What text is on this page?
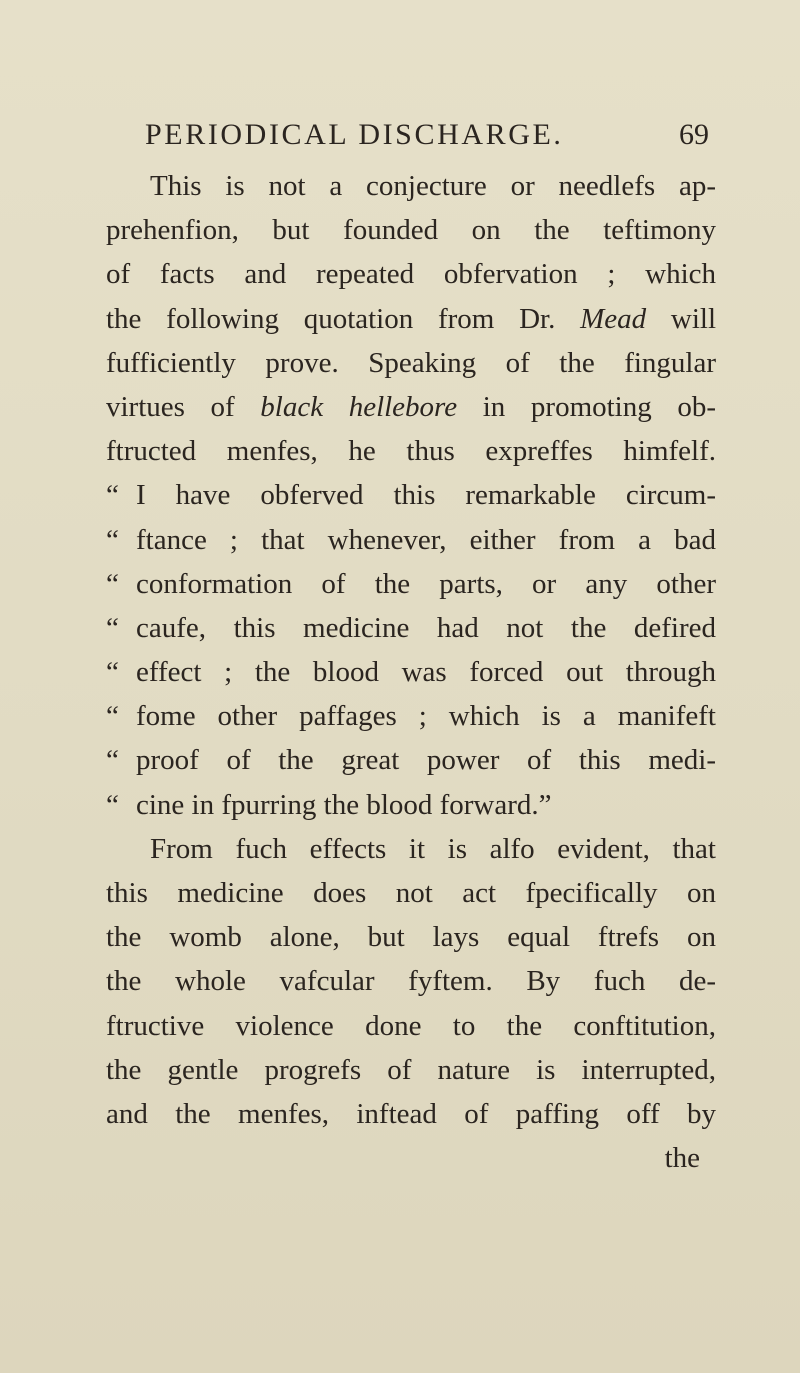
PERIODICAL DISCHARGE.	69
This is not a conjecture or needlefs ap-
prehenfion, but founded on the teftimony
of facts and repeated obfervation ; which
the following quotation from Dr. Mead will
fufficiently prove. Speaking of the fingular
virtues of black hellebore in promoting ob-
ftructed menfes, he thus expreffes himfelf.
“ I have obferved this remarkable circum-
“ ftance ; that whenever, either from a bad
“ conformation of the parts, or any other
“ caufe, this medicine had not the defired
“ effect ; the blood was forced out through
“ fome other paffages ; which is a manifeft
“ proof of the great power of this medi-
“ cine in fpurring the blood forward.”
From fuch effects it is alfo evident, that
this medicine does not act fpecifically on
the womb alone, but lays equal ftrefs on
the whole vafcular fyftem. By fuch de-
ftructive violence done to the conftitution,
the gentle progrefs of nature is interrupted,
and the menfes, inftead of paffing off by
the
